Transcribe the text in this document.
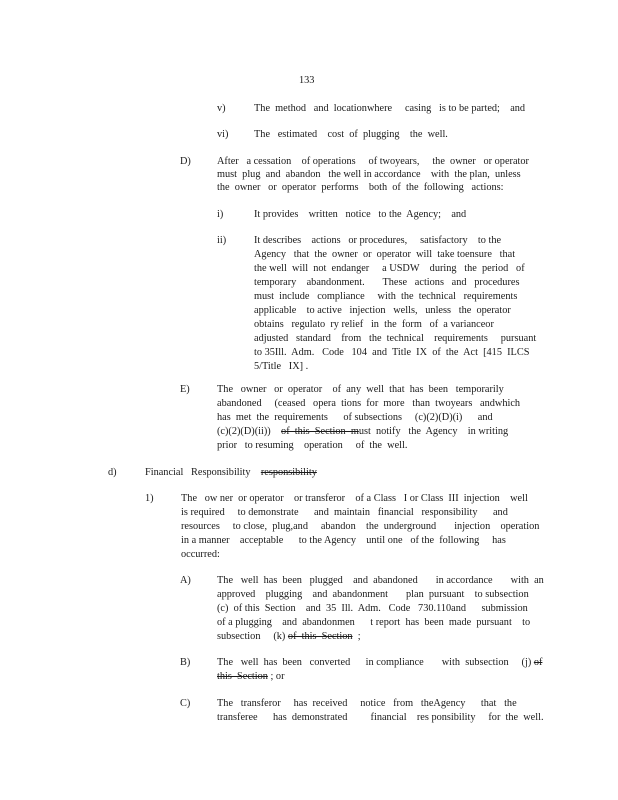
133
v)	The  method   and  locationwhere     casing   is to be parted;    and
vi) The   estimated    cost  of  plugging    the  well.
D)	After   a cessation    of operations     of twoyears,     the  owner   or operator
must  plug  and  abandon   the well in accordance    with  the plan,  unless
the  owner   or  operator  performs    both  of  the  following   actions:
i)	It provides    written   notice   to the  Agency;    and
ii)	It describes    actions   or procedures,     satisfactory    to the
Agency   that  the  owner  or  operator  will  take toensure   that
the well  will  not  endanger     a USDW    during   the  period   of
temporary    abandonment.       These   actions   and   procedures
must  include   compliance     with  the  technical   requirements
applicable    to active   injection   wells,   unless   the  operator
obtains   regulato  ry relief   in  the  form   of  a varianceor
adjusted   standard    from   the  technical    requirements     pursuant
to 35Ill.  Adm.   Code   104  and  Title  IX  of  the  Act  [415  ILCS
5/Title   IX] .
E)	The   owner   or  operator    of  any  well  that  has  been   temporarily
abandoned     (ceased   opera  tions  for  more   than  twoyears   andwhich
has  met  the  requirements      of subsections     (c)(2)(D)(i)      and
(c)(2)(D)(ii))    of  this  Section  must  notify   the  Agency    in writing
prior   to resuming    operation     of  the  well.
d)	Financial   Responsibility    responsibility
1)	The   ow ner  or operator    or transferor    of a Class   I or Class  III  injection    well
is required     to demonstrate      and  maintain   financial   responsibility      and
resources     to close,  plug,and     abandon    the  underground       injection    operation
in a manner    acceptable      to the Agency    until one   of the  following     has
occurred:
A)	The   well  has  been   plugged    and  abandoned       in accordance       with  an
approved    plugging    and  abandonment       plan  pursuant    to subsection
(c)  of this  Section    and  35  Ill.  Adm.   Code   730.110and      submission
of a plugging    and  abandonmen      t report  has  been  made  pursuant    to
subsection     (k) of  this  Section  ;
B)	The   well  has  been   converted      in compliance       with  subsection     (j) of
this  Section ; or
C)	The   transferor     has  received     notice   from   theAgency      that   the
transferee      has  demonstrated         financial    res ponsibility     for  the  well.
